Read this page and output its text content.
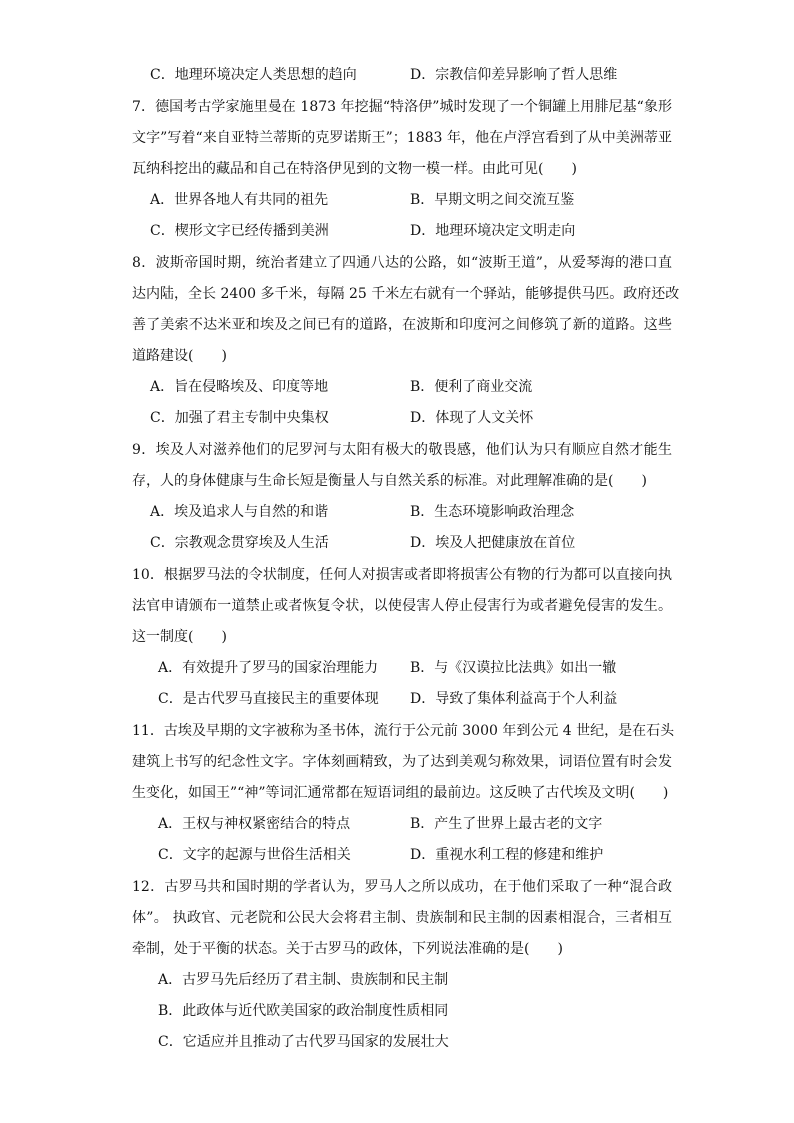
C．地理环境决定人类思想的趋向	D．宗教信仰差异影响了哲人思维
7．德国考古学家施里曼在 1873 年挖掘“特洛伊”城时发现了一个铜罐上用腓尼基“象形
文字”写着“来自亚特兰蒂斯的克罗诺斯王”；1883 年，他在卢浮宫看到了从中美洲蒂亚
瓦纳科挖出的藏品和自己在特洛伊见到的文物一模一样。由此可见(　　)
A．世界各地人有共同的祖先	B．早期文明之间交流互鉴
C．楔形文字已经传播到美洲	D．地理环境决定文明走向
8．波斯帝国时期，统治者建立了四通八达的公路，如“波斯王道”，从爱琴海的港口直
达内陆，全长 2400 多千米，每隔 25 千米左右就有一个驿站，能够提供马匹。政府还改
善了美索不达米亚和埃及之间已有的道路，在波斯和印度河之间修筑了新的道路。这些
道路建设(　　)
A．旨在侵略埃及、印度等地	B．便利了商业交流
C．加强了君主专制中央集权	D．体现了人文关怀
9．埃及人对滋养他们的尼罗河与太阳有极大的敬畏感，他们认为只有顺应自然才能生
存，人的身体健康与生命长短是衡量人与自然关系的标准。对此理解准确的是(　　)
A．埃及追求人与自然的和谐	B．生态环境影响政治理念
C．宗教观念贯穿埃及人生活	D．埃及人把健康放在首位
10．根据罗马法的令状制度，任何人对损害或者即将损害公有物的行为都可以直接向执
法官申请颁布一道禁止或者恢复令状，以使侵害人停止侵害行为或者避免侵害的发生。
这一制度(　　)
A．有效提升了罗马的国家治理能力 B．与《汉谟拉比法典》如出一辙
C．是古代罗马直接民主的重要体现 D．导致了集体利益高于个人利益
11．古埃及早期的文字被称为圣书体，流行于公元前 3000 年到公元 4 世纪，是在石头
建筑上书写的纪念性文字。字体刻画精致，为了达到美观匀称效果，词语位置有时会发
生变化，如国王”“神”等词汇通常都在短语词组的最前边。这反映了古代埃及文明(　　)
A．王权与神权紧密结合的特点	B．产生了世界上最古老的文字
C．文字的起源与世俗生活相关	D．重视水利工程的修建和维护
12．古罗马共和国时期的学者认为，罗马人之所以成功，在于他们采取了一种“混合政
体”。 执政官、元老院和公民大会将君主制、贵族制和民主制的因素相混合，三者相互
牵制，处于平衡的状态。关于古罗马的政体，下列说法准确的是(　　)
A．古罗马先后经历了君主制、贵族制和民主制
B．此政体与近代欧美国家的政治制度性质相同
C．它适应并且推动了古代罗马国家的发展壮大
